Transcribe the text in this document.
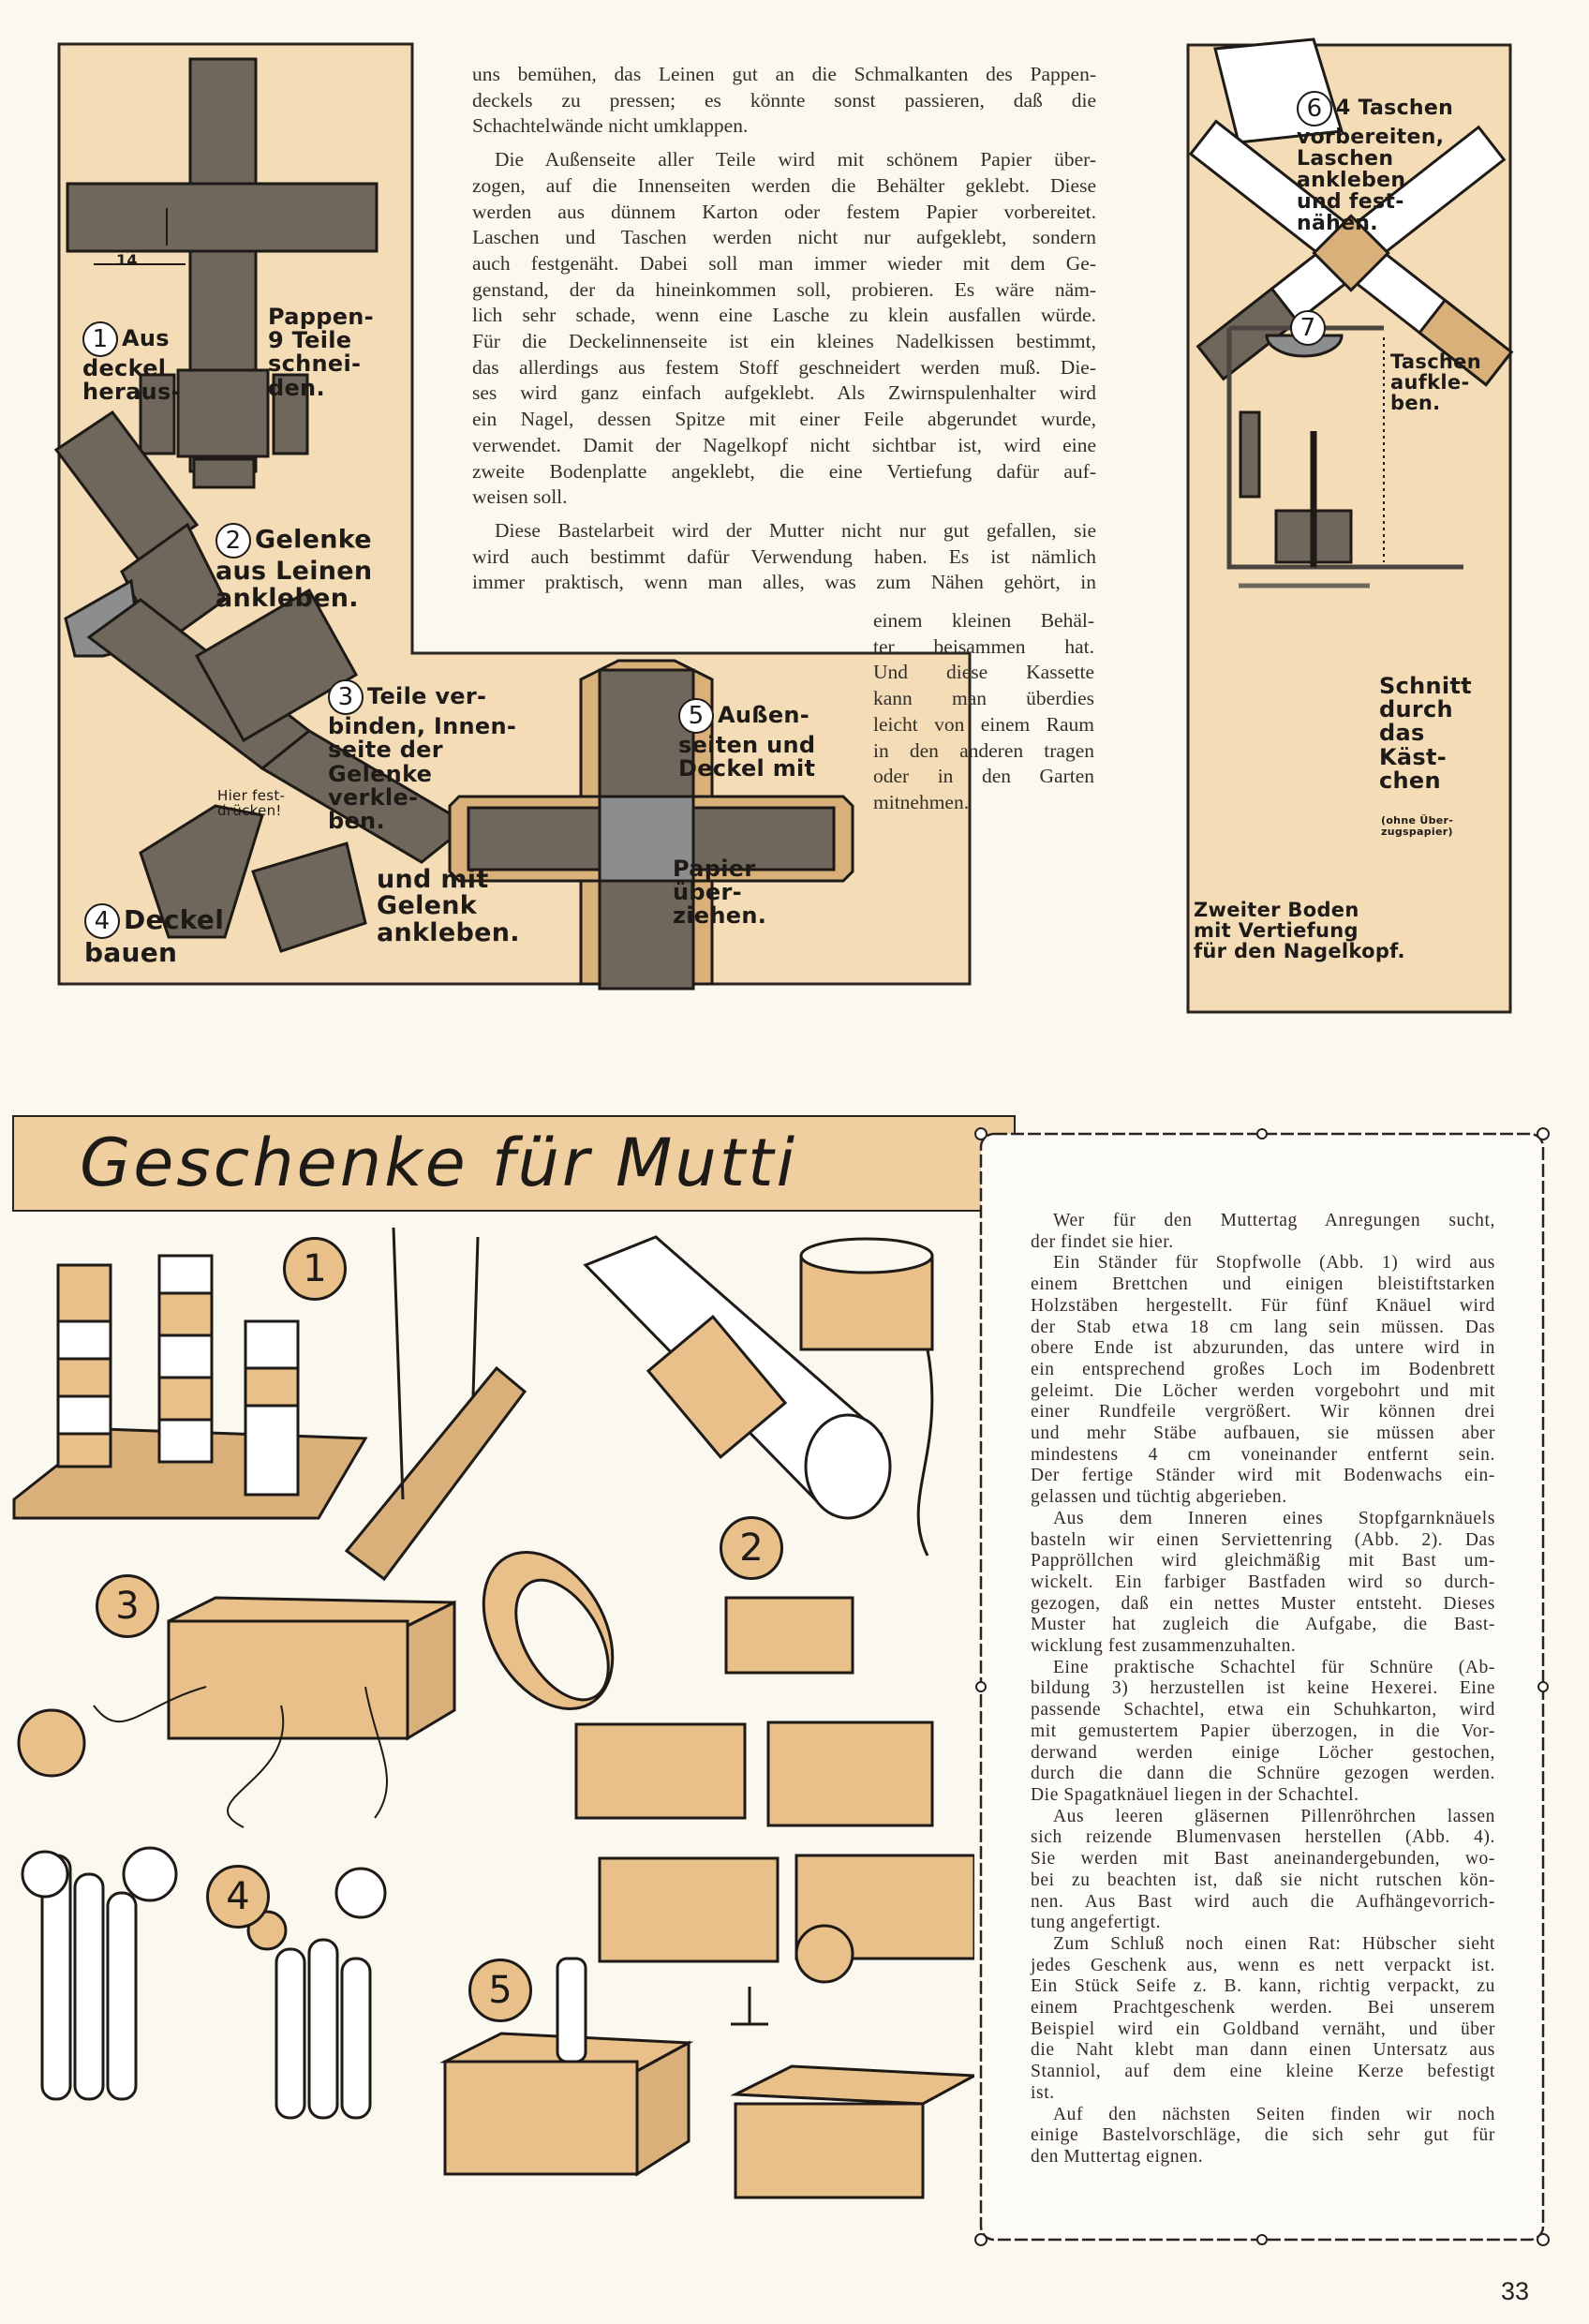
14

1 Aus
deckel
heraus-

Pappen-
9 Teile
schnei-
den.

2 Gelenke
aus Leinen
ankleben.

3 Teile ver-
binden, Innen-
seite der
Gelenke
verkle-
ben.

Hier fest-
drücken!

4 Deckel
bauen

und mit
Gelenk
ankleben.

5 Außen-
seiten und
Deckel mit

Papier
über-
ziehen.
uns bemühen, das Leinen gut an die Schmalkanten des Pappen-
deckels zu pressen; es könnte sonst passieren, daß die
Schachtelwände nicht umklappen.
Die Außenseite aller Teile wird mit schönem Papier über-
zogen, auf die Innenseiten werden die Behälter geklebt. Diese
werden aus dünnem Karton oder festem Papier vorbereitet.
Laschen und Taschen werden nicht nur aufgeklebt, sondern
auch festgenäht. Dabei soll man immer wieder mit dem Ge-
genstand, der da hineinkommen soll, probieren. Es wäre näm-
lich sehr schade, wenn eine Lasche zu klein ausfallen würde.
Für die Deckelinnenseite ist ein kleines Nadelkissen bestimmt,
das allerdings aus festem Stoff geschneidert werden muß. Die-
ses wird ganz einfach aufgeklebt. Als Zwirnspulenhalter wird
ein Nagel, dessen Spitze mit einer Feile abgerundet wurde,
verwendet. Damit der Nagelkopf nicht sichtbar ist, wird eine
zweite Bodenplatte angeklebt, die eine Vertiefung dafür auf-
weisen soll.
Diese Bastelarbeit wird der Mutter nicht nur gut gefallen, sie
wird auch bestimmt dafür Verwendung haben. Es ist nämlich
immer praktisch, wenn man alles, was zum Nähen gehört, in
einem kleinen Behäl-
ter beisammen hat.
Und diese Kassette
kann man überdies
leicht von einem Raum
in den anderen tragen
oder in den Garten
mitnehmen.

6 4 Taschen
vorbereiten,
Laschen
ankleben
und fest-
nähen.

7

Taschen
aufkle-
ben.
Schnitt
durch
das
Käst-
chen
(ohne Über-
zugspapier)
Zweiter Boden
mit Vertiefung
für den Nagelkopf.
Geschenke für Mutti
Wer für den Muttertag Anregungen sucht,
der findet sie hier.
Ein Ständer für Stopfwolle (Abb. 1) wird aus
einem Brettchen und einigen bleistiftstarken
Holzstäben hergestellt. Für fünf Knäuel wird
der Stab etwa 18 cm lang sein müssen. Das
obere Ende ist abzurunden, das untere wird in
ein entsprechend großes Loch im Bodenbrett
geleimt. Die Löcher werden vorgebohrt und mit
einer Rundfeile vergrößert. Wir können drei
und mehr Stäbe aufbauen, sie müssen aber
mindestens 4 cm voneinander entfernt sein.
Der fertige Ständer wird mit Bodenwachs ein-
gelassen und tüchtig abgerieben.
Aus dem Inneren eines Stopfgarnknäuels
basteln wir einen Serviettenring (Abb. 2). Das
Pappröllchen wird gleichmäßig mit Bast um-
wickelt. Ein farbiger Bastfaden wird so durch-
gezogen, daß ein nettes Muster entsteht. Dieses
Muster hat zugleich die Aufgabe, die Bast-
wicklung fest zusammenzuhalten.
Eine praktische Schachtel für Schnüre (Ab-
bildung 3) herzustellen ist keine Hexerei. Eine
passende Schachtel, etwa ein Schuhkarton, wird
mit gemustertem Papier überzogen, in die Vor-
derwand werden einige Löcher gestochen,
durch die dann die Schnüre gezogen werden.
Die Spagatknäuel liegen in der Schachtel.
Aus leeren gläsernen Pillenröhrchen lassen
sich reizende Blumenvasen herstellen (Abb. 4).
Sie werden mit Bast aneinandergebunden, wo-
bei zu beachten ist, daß sie nicht rutschen kön-
nen. Aus Bast wird auch die Aufhängevorrich-
tung angefertigt.
Zum Schluß noch einen Rat: Hübscher sieht
jedes Geschenk aus, wenn es nett verpackt ist.
Ein Stück Seife z. B. kann, richtig verpackt, zu
einem Prachtgeschenk werden. Bei unserem
Beispiel wird ein Goldband vernäht, und über
die Naht klebt man dann einen Untersatz aus
Stanniol, auf dem eine kleine Kerze befestigt
ist.
Auf den nächsten Seiten finden wir noch
einige Bastelvorschläge, die sich sehr gut für
den Muttertag eignen.
1
2
3
4
5
33
